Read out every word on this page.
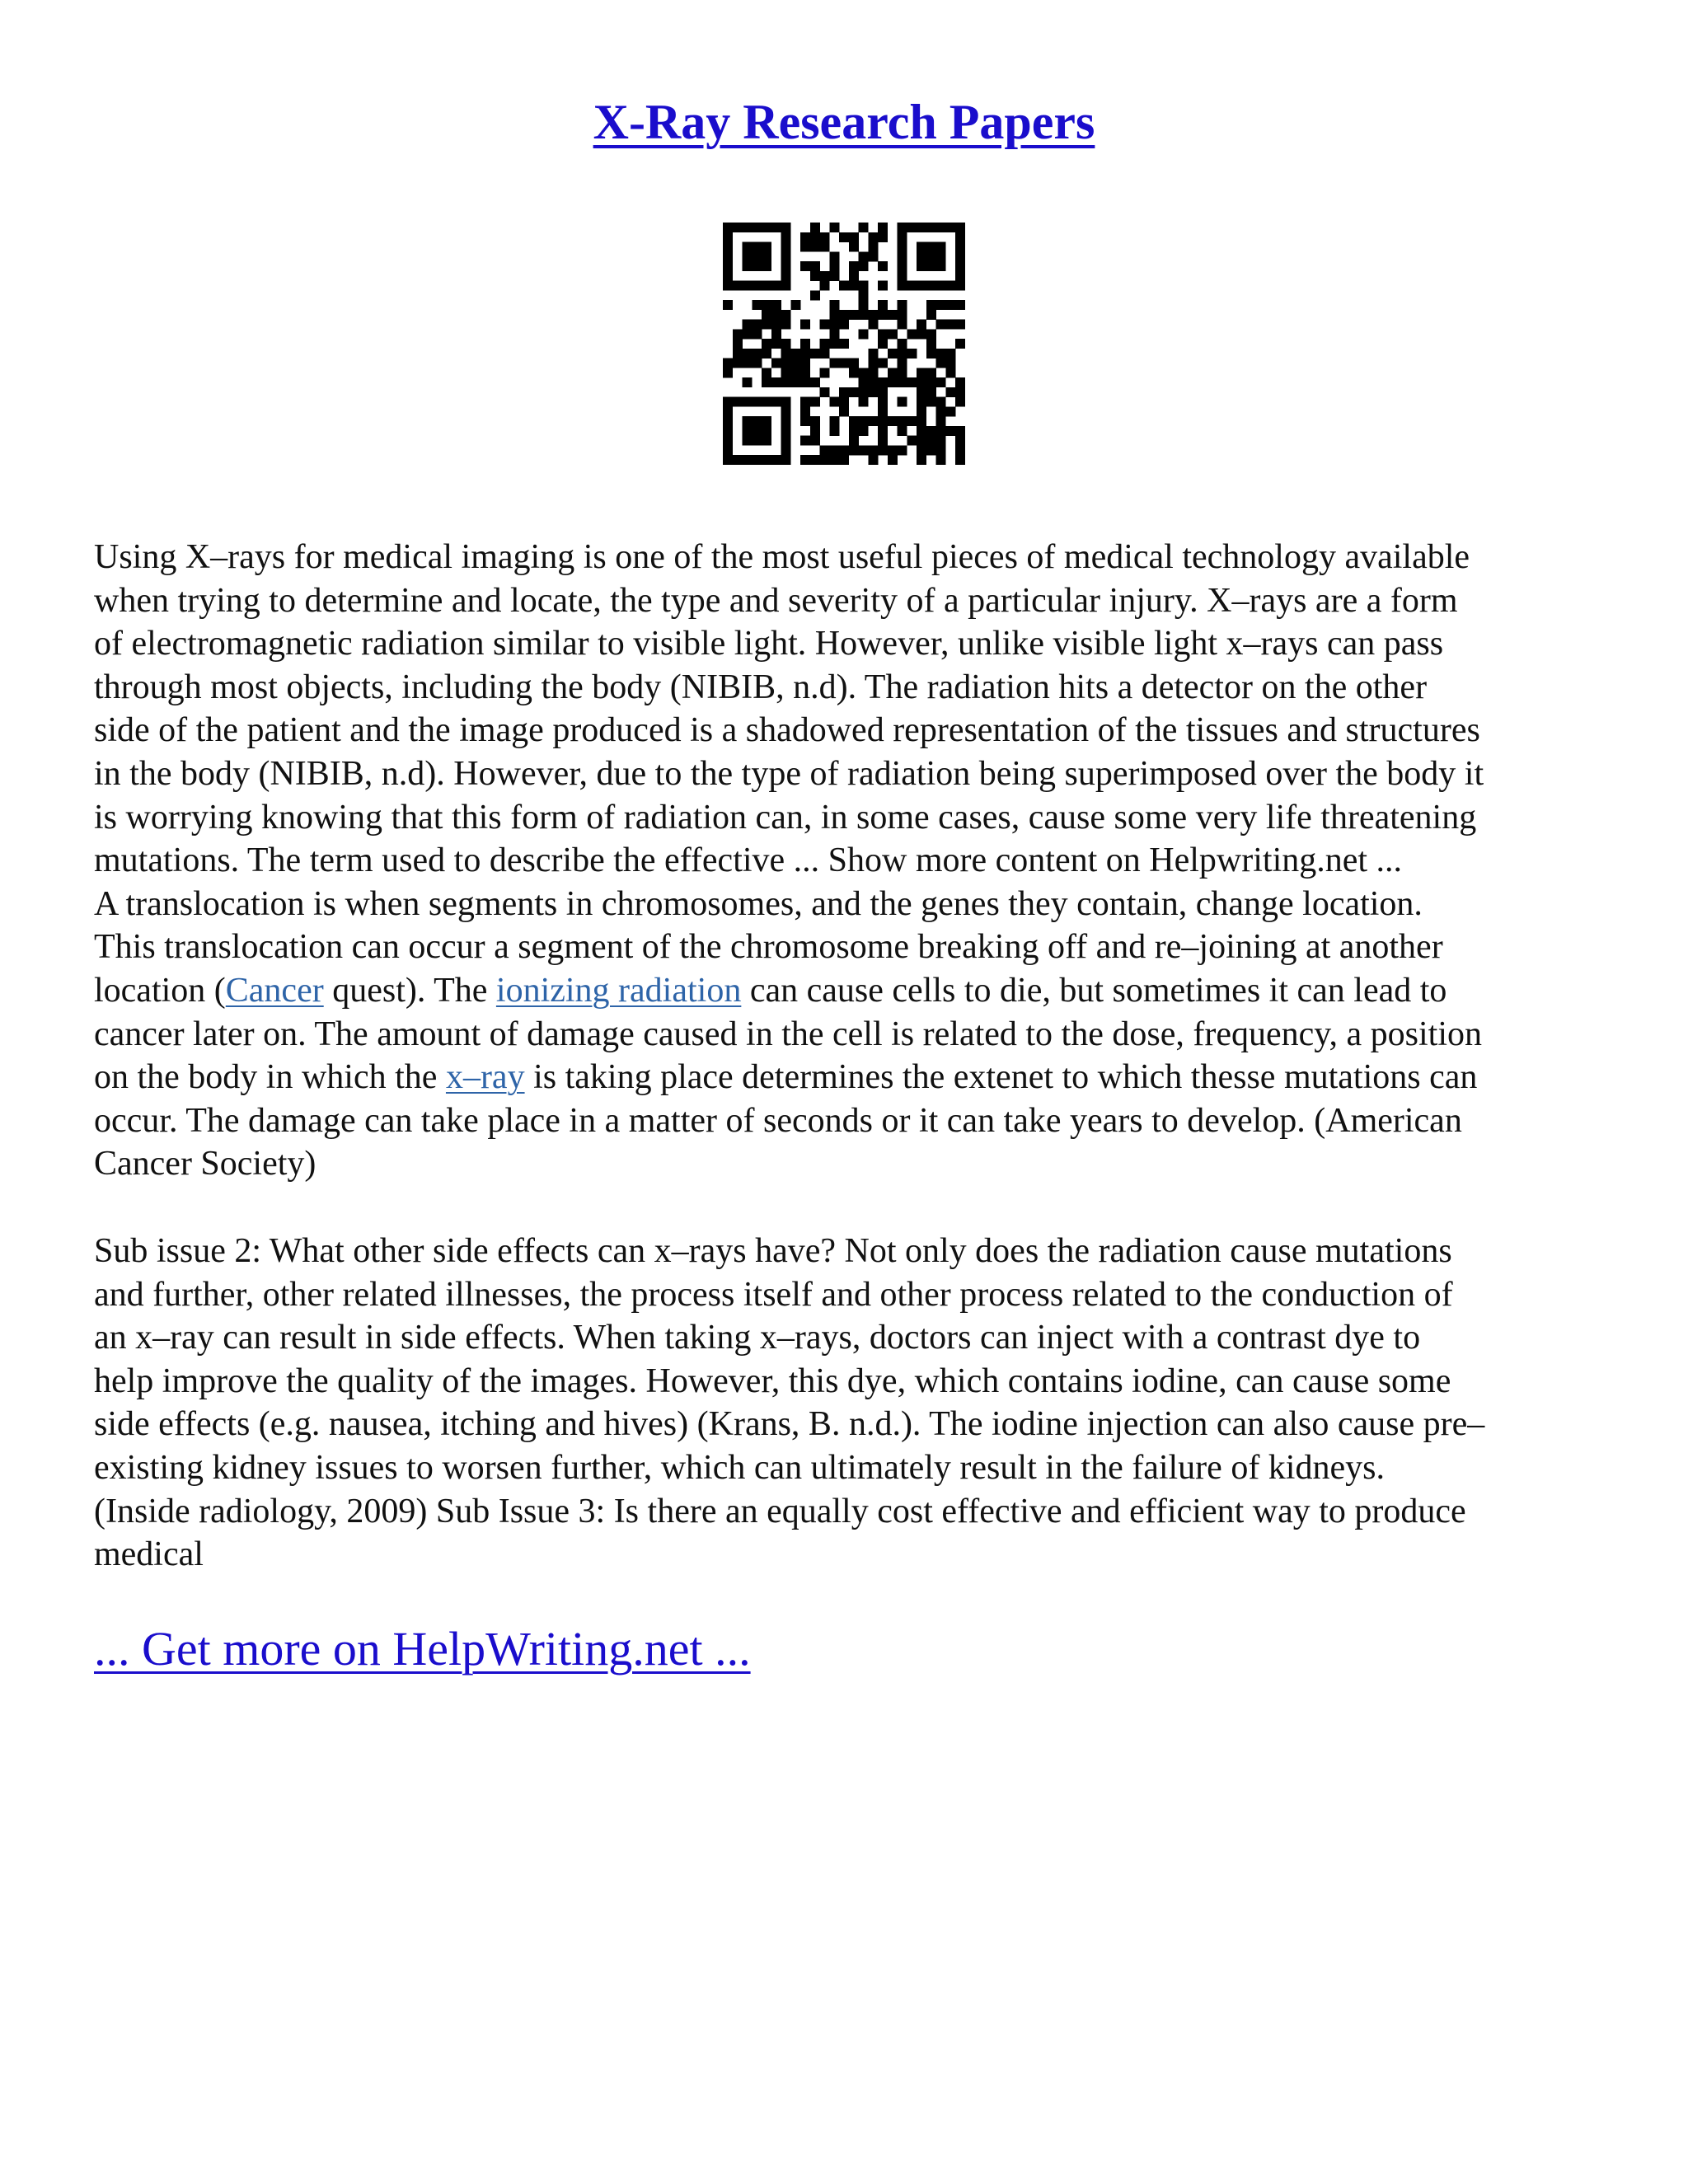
X-Ray Research Papers

Using X–rays for medical imaging is one of the most useful pieces of medical technology available
when trying to determine and locate, the type and severity of a particular injury. X–rays are a form
of electromagnetic radiation similar to visible light. However, unlike visible light x–rays can pass
through most objects, including the body (NIBIB, n.d). The radiation hits a detector on the other
side of the patient and the image produced is a shadowed representation of the tissues and structures
in the body (NIBIB, n.d). However, due to the type of radiation being superimposed over the body it
is worrying knowing that this form of radiation can, in some cases, cause some very life threatening
mutations. The term used to describe the effective ... Show more content on Helpwriting.net ...
A translocation is when segments in chromosomes, and the genes they contain, change location.
This translocation can occur a segment of the chromosome breaking off and re–joining at another
location (Cancer quest). The ionizing radiation can cause cells to die, but sometimes it can lead to
cancer later on. The amount of damage caused in the cell is related to the dose, frequency, a position
on the body in which the x–ray is taking place determines the extenet to which thesse mutations can
occur. The damage can take place in a matter of seconds or it can take years to develop. (American
Cancer Society)

Sub issue 2: What other side effects can x–rays have? Not only does the radiation cause mutations
and further, other related illnesses, the process itself and other process related to the conduction of
an x–ray can result in side effects. When taking x–rays, doctors can inject with a contrast dye to
help improve the quality of the images. However, this dye, which contains iodine, can cause some
side effects (e.g. nausea, itching and hives) (Krans, B. n.d.). The iodine injection can also cause pre–
existing kidney issues to worsen further, which can ultimately result in the failure of kidneys.
(Inside radiology, 2009) Sub Issue 3: Is there an equally cost effective and efficient way to produce
medical

... Get more on HelpWriting.net ...
